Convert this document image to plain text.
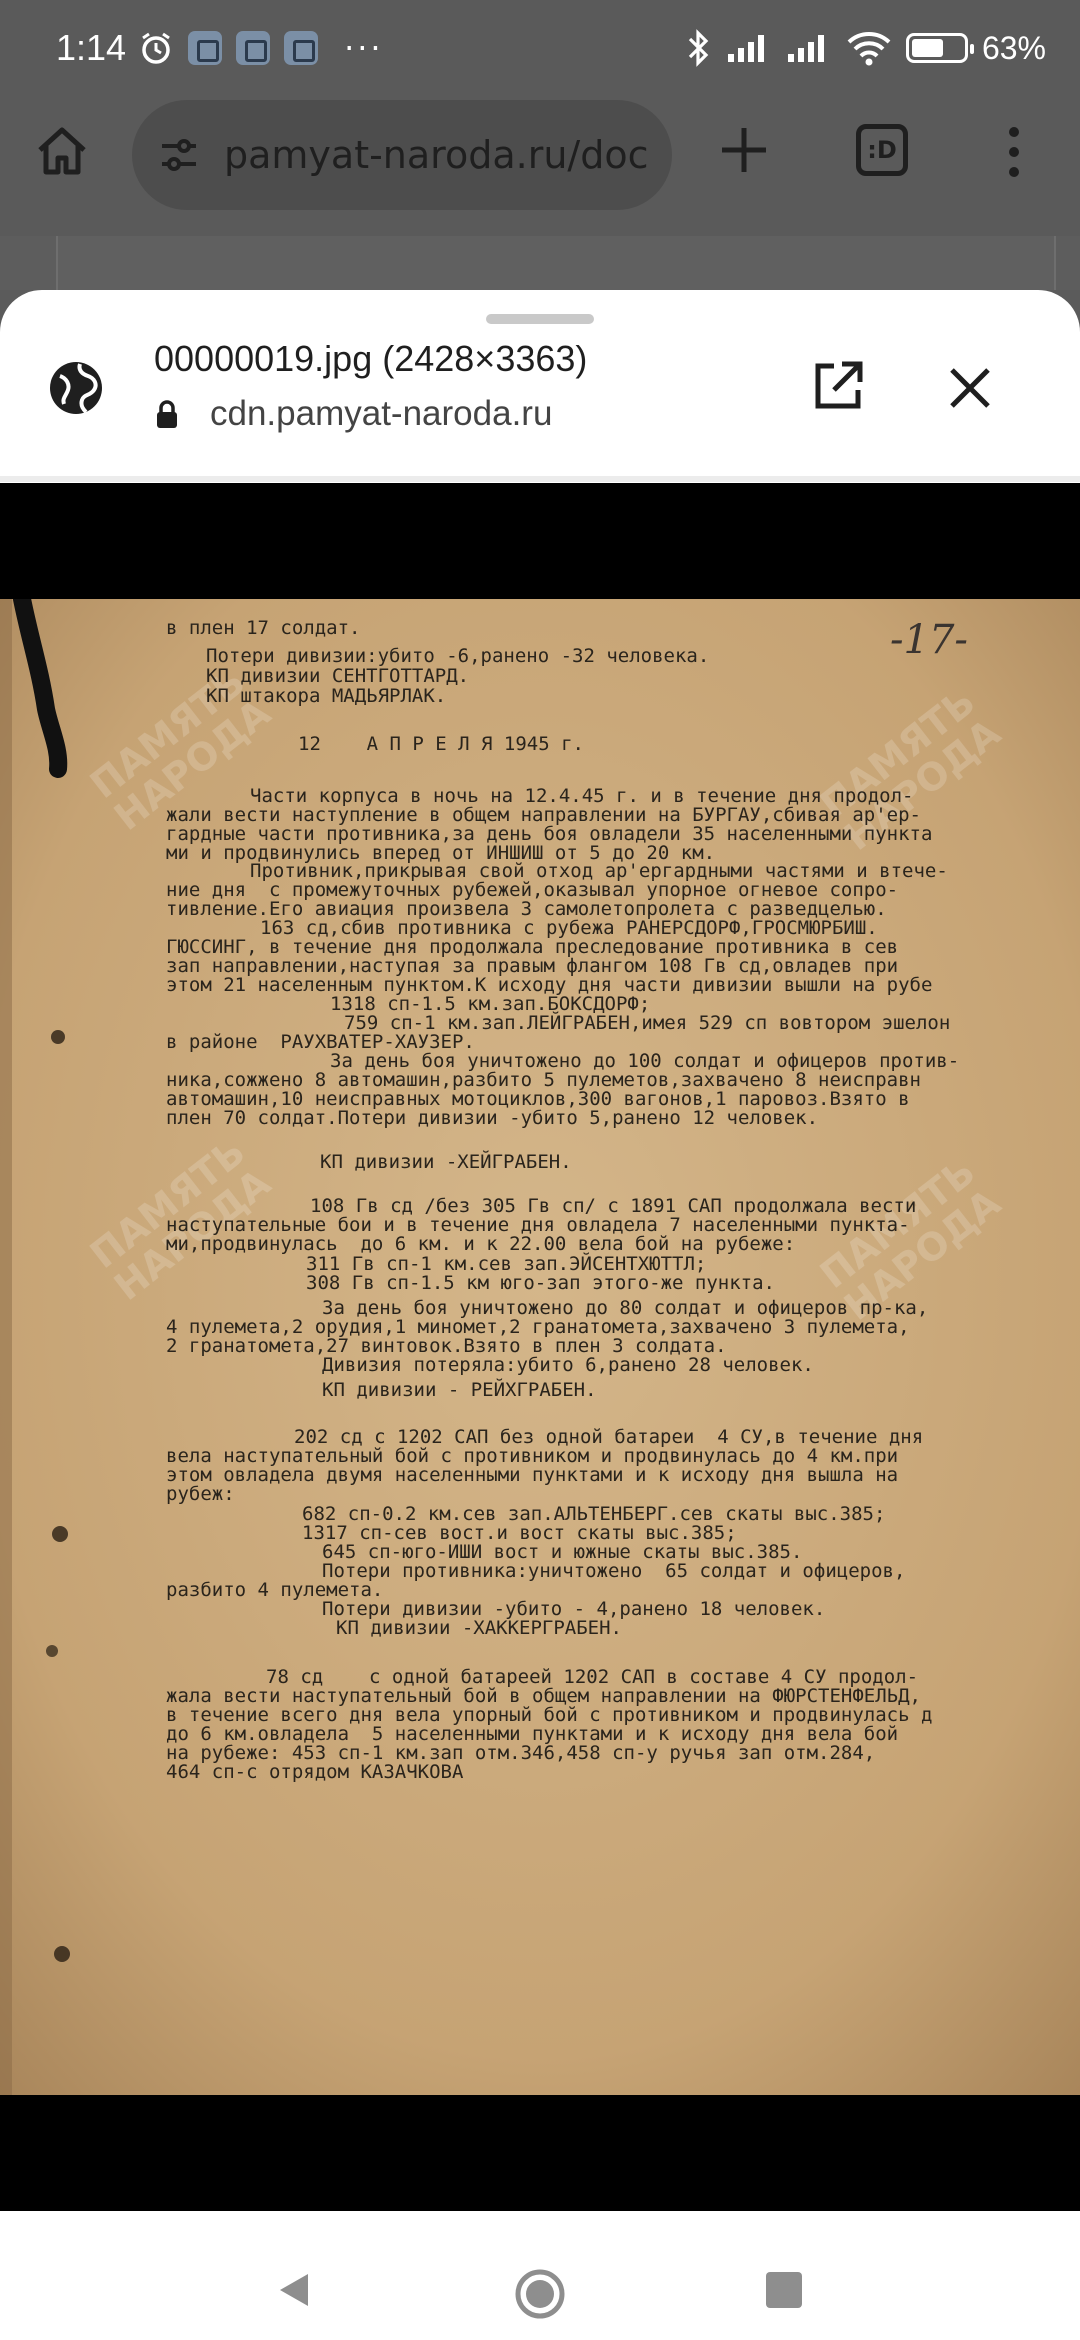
1:14	···	63%
pamyat-naroda.ru/doc	:D
00000019.jpg (2428×3363)
cdn.pamyat-naroda.ru
ПАМЯТЬ НАРОДА	ПАМЯТЬ НАРОДА
ПАМЯТЬ НАРОДА	ПАМЯТЬ НАРОДА
-17-
в плен 17 солдат.
Потери дивизии:убито -6,ранено -32 человека.
КП дивизии СЕНТГОТТАРД.
КП штакора МАДЬЯРЛАК.
12    А П Р Е Л Я 1945 г.
Части корпуса в ночь на 12.4.45 г. и в течение дня продол-
жали вести наступление в общем направлении на БУРГАУ,сбивая ар'ер-
гардные части противника,за день боя овладели 35 населенными пункта
ми и продвинулись вперед от ИНШИШ от 5 до 20 км.
Противник,прикрывая свой отход ар'ергардными частями и втече-
ние дня  с промежуточных рубежей,оказывал упорное огневое сопро-
тивление.Его авиация произвела 3 самолетопролета с разведцелью.
163 сд,сбив противника с рубежа РАНЕРСДОРФ,ГРОСМЮРБИШ.
ГЮССИНГ, в течение дня продолжала преследование противника в сев
зап направлении,наступая за правым флангом 108 Гв сд,овладев при
этом 21 населенным пунктом.К исходу дня части дивизии вышли на рубе
1318 сп-1.5 км.зап.БОКСДОРФ;
759 сп-1 км.зап.ЛЕЙГРАБЕН,имея 529 сп вовтором эшелон
в районе  РАУХВАТЕР-ХАУЗЕР.
За день боя уничтожено до 100 солдат и офицеров против-
ника,сожжено 8 автомашин,разбито 5 пулеметов,захвачено 8 неисправн
автомашин,10 неисправных мотоциклов,300 вагонов,1 паровоз.Взято в
плен 70 солдат.Потери дивизии -убито 5,ранено 12 человек.
КП дивизии -ХЕЙГРАБЕН.
108 Гв сд /без 305 Гв сп/ с 1891 САП продолжала вести
наступательные бои и в течение дня овладела 7 населенными пункта-
ми,продвинулась  до 6 км. и к 22.00 вела бой на рубеже:
311 Гв сп-1 км.сев зап.ЭЙСЕНТХЮТТЛ;
308 Гв сп-1.5 км юго-зап этого-же пункта.
За день боя уничтожено до 80 солдат и офицеров пр-ка,
4 пулемета,2 орудия,1 миномет,2 гранатомета,захвачено 3 пулемета,
2 гранатомета,27 винтовок.Взято в плен 3 солдата.
Дивизия потеряла:убито 6,ранено 28 человек.
КП дивизии - РЕЙХГРАБЕН.
202 сд с 1202 САП без одной батареи  4 СУ,в течение дня
вела наступательный бой с противником и продвинулась до 4 км.при
этом овладела двумя населенными пунктами и к исходу дня вышла на
рубеж:
682 сп-0.2 км.сев зап.АЛЬТЕНБЕРГ.сев скаты выс.385;
1317 сп-сев вост.и вост скаты выс.385;
645 сп-юго-ИШИ вост и южные скаты выс.385.
Потери противника:уничтожено  65 солдат и офицеров,
разбито 4 пулемета.
Потери дивизии -убито - 4,ранено 18 человек.
КП дивизии -ХАККЕРГРАБЕН.
78 сд    с одной батареей 1202 САП в составе 4 СУ продол-
жала вести наступательный бой в общем направлении на ФЮРСТЕНФЕЛЬД,
в течение всего дня вела упорный бой с противником и продвинулась д
до 6 км.овладела  5 населенными пунктами и к исходу дня вела бой
на рубеже: 453 сп-1 км.зап отм.346,458 сп-у ручья зап отм.284,
464 сп-с отрядом КАЗАЧКОВА
